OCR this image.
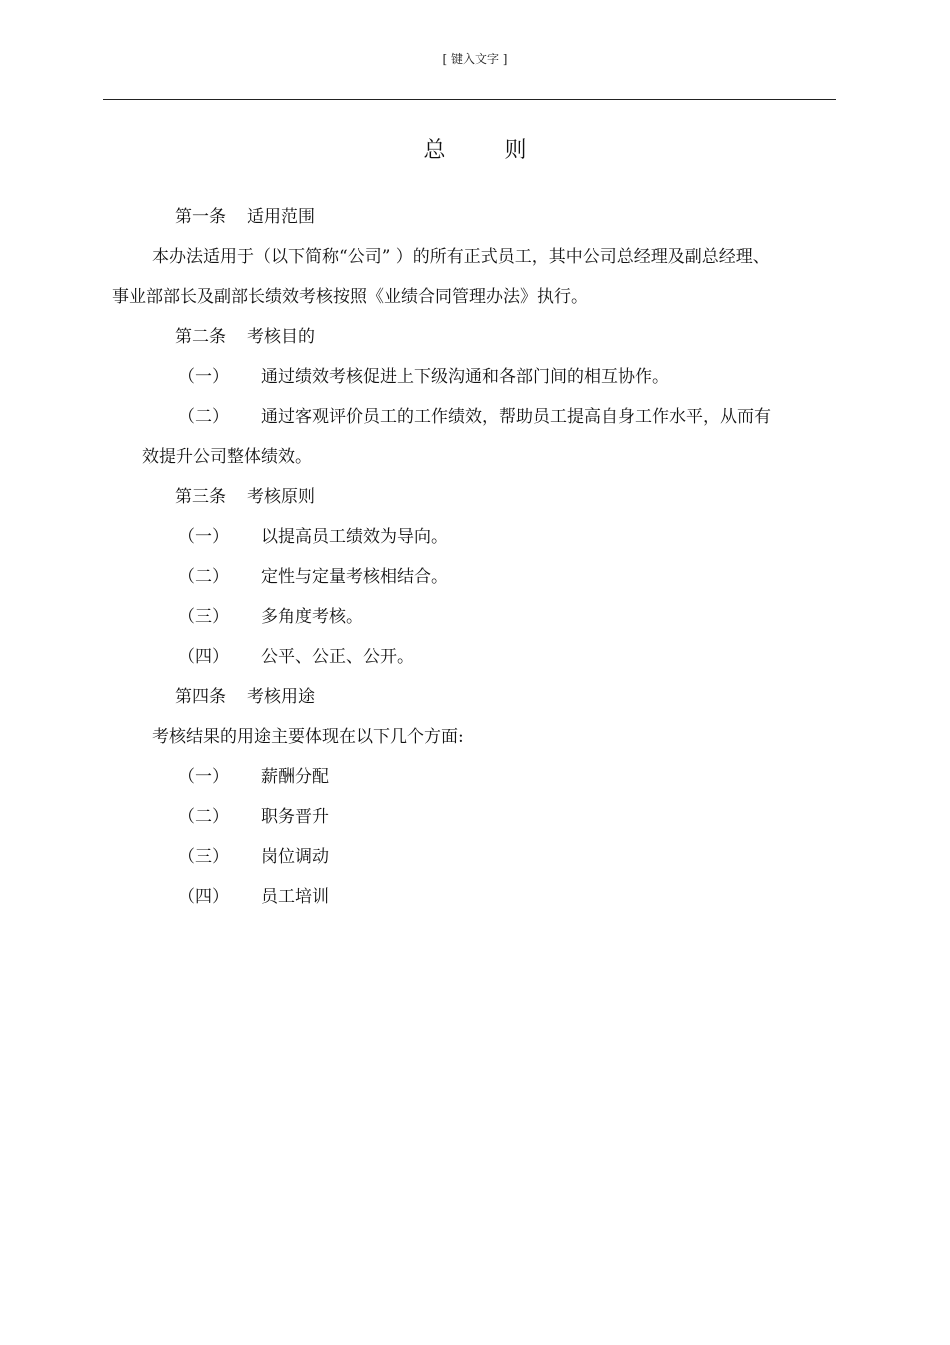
[ 键入文字 ]
总 则
第一条 适用范围
本办法适用于（以下简称“公司” ）的所有正式员工，其中公司总经理及副总经理、
事业部部长及副部长绩效考核按照《业绩合同管理办法》执行。
第二条 考核目的
（一） 通过绩效考核促进上下级沟通和各部门间的相互协作。
（二） 通过客观评价员工的工作绩效，帮助员工提高自身工作水平，从而有
效提升公司整体绩效。
第三条 考核原则
（一） 以提高员工绩效为导向。
（二） 定性与定量考核相结合。
（三） 多角度考核。
（四） 公平、公正、公开。
第四条 考核用途
考核结果的用途主要体现在以下几个方面:
（一） 薪酬分配
（二） 职务晋升
（三） 岗位调动
（四） 员工培训
